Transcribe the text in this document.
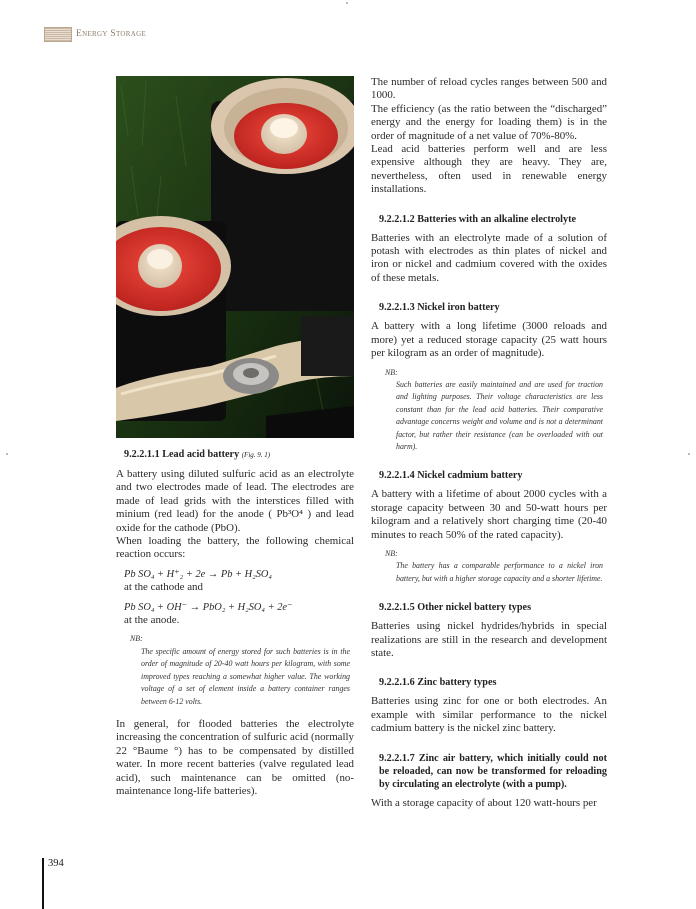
Energy Storage
9.2.2.1.1 Lead acid battery (Fig. 9. 1)

A battery using diluted sulfuric acid as an electrolyte and two electrodes made of lead. The electrodes are made of lead grids with the interstices filled with minium (red lead) for the anode ( Pb³O⁴ ) and lead oxide for the cathode (PbO).

When loading the battery, the following chemical reaction occurs:

Pb SO₄ + H⁺₂ + 2e → Pb + H₂SO₄

at the cathode and

Pb SO₄ + OH⁻ → PbO₂ + H₂SO₄ + 2e⁻

at the anode.

NB:

The specific amount of energy stored for such batteries is in the order of magnitude of 20-40 watt hours per kilogram, with some improved types reaching a somewhat higher value. The working voltage of a set of element inside a battery container ranges between 6-12 volts.

In general, for flooded batteries the electrolyte increasing the concentration of sulfuric acid (normally 22 °Baume °) has to be compensated by distilled water. In more recent batteries (valve regulated lead acid), such maintenance can be omitted (no-maintenance long-life batteries).

The number of reload cycles ranges between 500 and 1000.

The efficiency (as the ratio between the “discharged” energy and the energy for loading them) is in the order of magnitude of a net value of 70%-80%.

Lead acid batteries perform well and are less expensive although they are heavy. They are, nevertheless, often used in renewable energy installations.

9.2.2.1.2 Batteries with an alkaline electrolyte

Batteries with an electrolyte made of a solution of potash with electrodes as thin plates of nickel and iron or nickel and cadmium covered with the oxides of these metals.

9.2.2.1.3 Nickel iron battery

A battery with a long lifetime (3000 reloads and more) yet a reduced storage capacity (25 watt hours per kilogram as an order of magnitude).

NB:

Such batteries are easily maintained and are used for traction and lighting purposes. Their voltage characteristics are less constant than for the lead acid batteries. Their comparative advantage concerns weight and volume and is not a determinant factor, but rather their resistance (can be overloaded with out harm).

9.2.2.1.4 Nickel cadmium battery

A battery with a lifetime of about 2000 cycles with a storage capacity between 30 and 50-watt hours per kilogram and a relatively short charging time (20-40 minutes to reach 50% of the rated capacity).

NB:

The battery has a comparable performance to a nickel iron battery, but with a higher storage capacity and a shorter lifetime.

9.2.2.1.5 Other nickel battery types

Batteries using nickel hydrides/hybrids in special realizations are still in the research and development state.

9.2.2.1.6 Zinc battery types

Batteries using zinc for one or both electrodes. An example with similar performance to the nickel cadmium battery is the nickel zinc battery.

9.2.2.1.7 Zinc air battery, which initially could not be reloaded, can now be transformed for reloading by circulating an electrolyte (with a pump).

With a storage capacity of about 120 watt-hours per

394
